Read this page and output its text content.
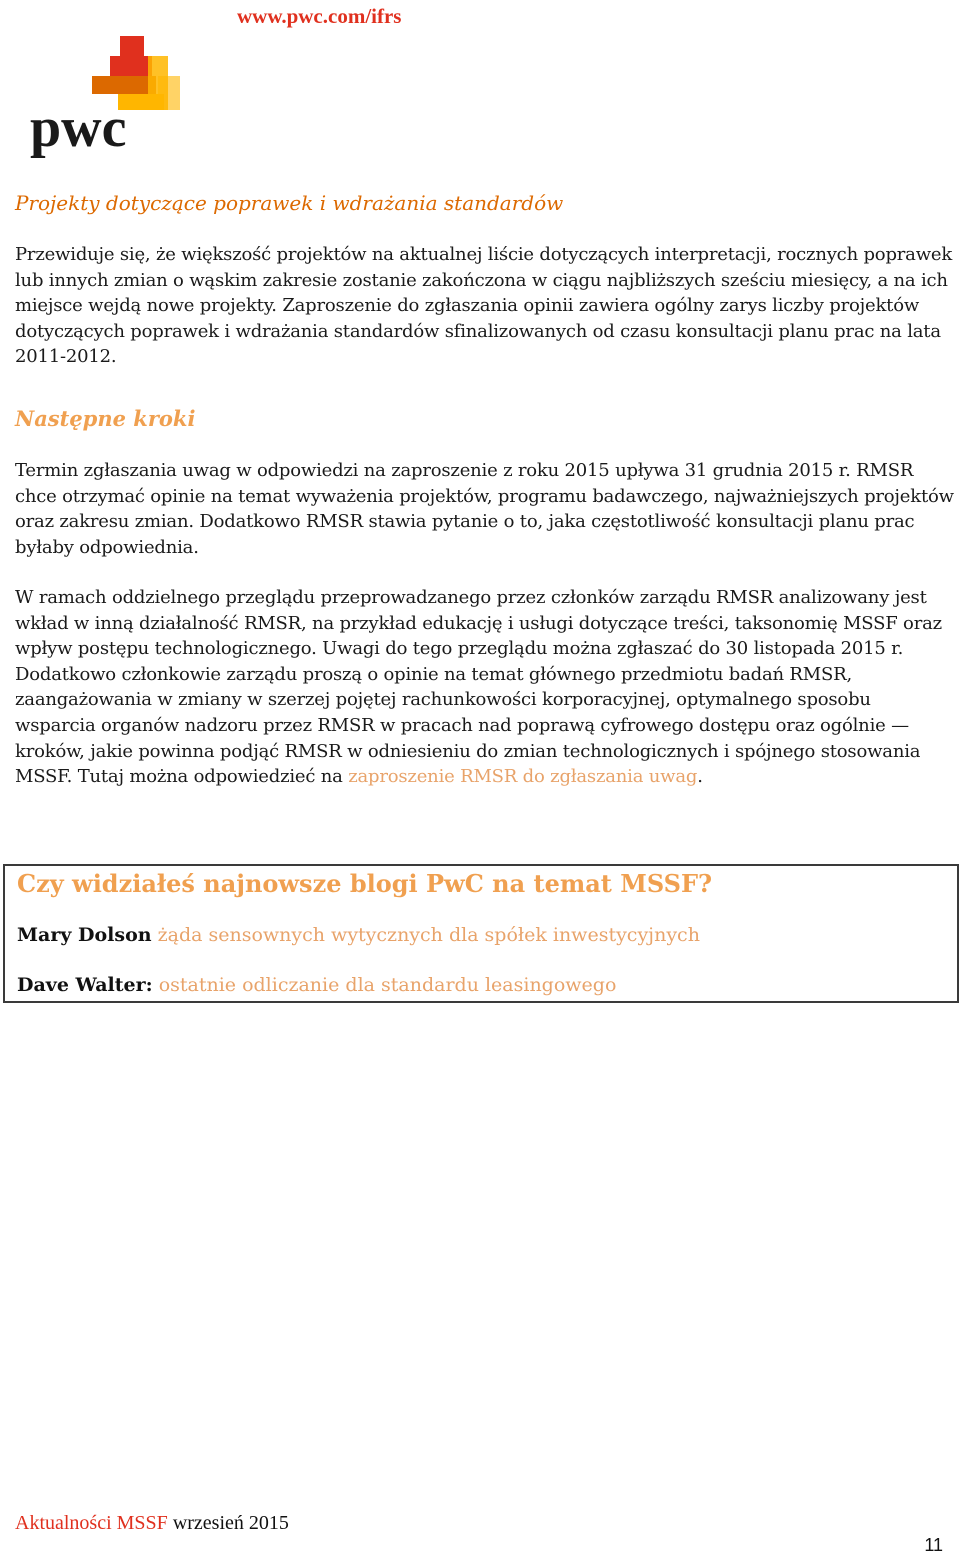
www.pwc.com/ifrs
pwc
Projekty dotyczące poprawek i wdrażania standardów

Przewiduje się, że większość projektów na aktualnej liście dotyczących interpretacji, rocznych poprawek lub innych zmian o wąskim zakresie zostanie zakończona w ciągu najbliższych sześciu miesięcy, a na ich miejsce wejdą nowe projekty. Zaproszenie do zgłaszania opinii zawiera ogólny zarys liczby projektów dotyczących poprawek i wdrażania standardów sfinalizowanych od czasu konsultacji planu prac na lata 2011-2012.

Następne kroki

Termin zgłaszania uwag w odpowiedzi na zaproszenie z roku 2015 upływa 31 grudnia 2015 r. RMSR chce otrzymać opinie na temat wyważenia projektów, programu badawczego, najważniejszych projektów oraz zakresu zmian. Dodatkowo RMSR stawia pytanie o to, jaka częstotliwość konsultacji planu prac byłaby odpowiednia.

W ramach oddzielnego przeglądu przeprowadzanego przez członków zarządu RMSR analizowany jest wkład w inną działalność RMSR, na przykład edukację i usługi dotyczące treści, taksonomię MSSF oraz wpływ postępu technologicznego. Uwagi do tego przeglądu można zgłaszać do 30 listopada 2015 r. Dodatkowo członkowie zarządu proszą o opinie na temat głównego przedmiotu badań RMSR, zaangażowania w zmiany w szerzej pojętej rachunkowości korporacyjnej, optymalnego sposobu wsparcia organów nadzoru przez RMSR w pracach nad poprawą cyfrowego dostępu oraz ogólnie — kroków, jakie powinna podjąć RMSR w odniesieniu do zmian technologicznych i spójnego stosowania MSSF. Tutaj można odpowiedzieć na zaproszenie RMSR do zgłaszania uwag.

Czy widziałeś najnowsze blogi PwC na temat MSSF?

Mary Dolson żąda sensownych wytycznych dla spółek inwestycyjnych

Dave Walter: ostatnie odliczanie dla standardu leasingowego

Aktualności MSSF wrzesień 2015
11
